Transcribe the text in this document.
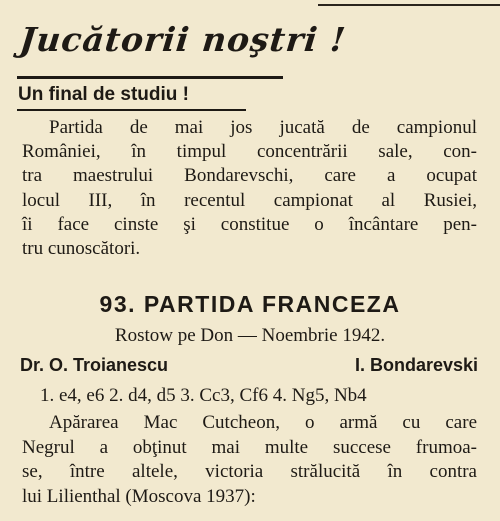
Jucătorii noştri !
Un final de studiu !

Partida de mai jos jucată de campionul
României, în timpul concentrării sale, con-
tra maestrului Bondarevschi, care a ocupat
locul III, în recentul campionat al Rusiei,
îi face cinste şi constitue o încântare pen-
tru cunoscători.

93. PARTIDA FRANCEZA
Rostow pe Don — Noembrie 1942.
Dr. O. Troianescu	I. Bondarevski
1. e4, e6 2. d4, d5 3. Cc3, Cf6 4. Ng5, Nb4

Apărarea Mac Cutcheon, o armă cu care
Negrul a obţinut mai multe succese frumoa-
se, între altele, victoria strălucită în contra
lui Lilienthal (Moscova 1937):
